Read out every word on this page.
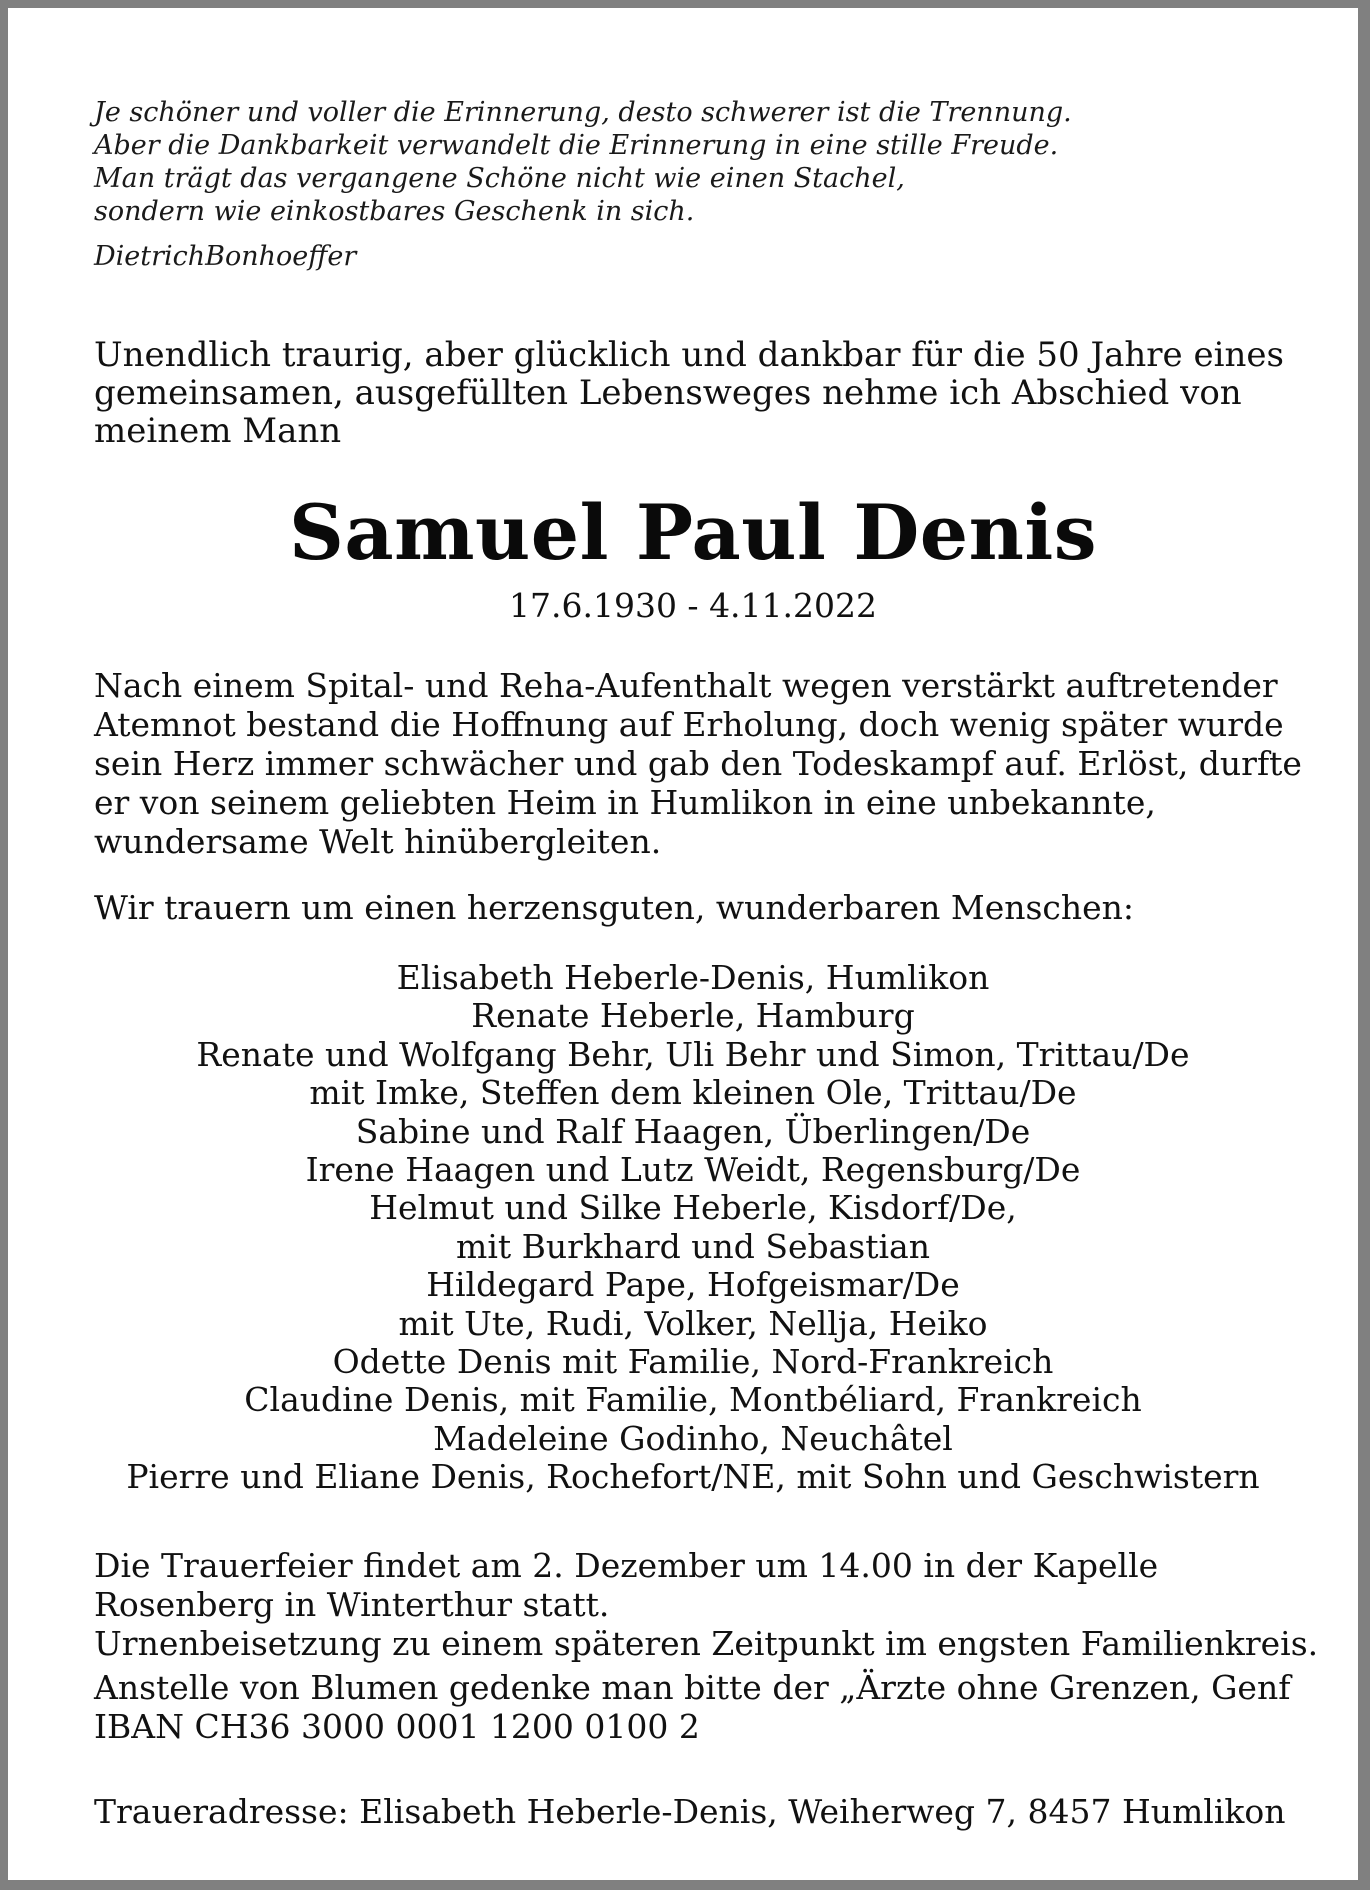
Je schöner und voller die Erinnerung, desto schwerer ist die Trennung.
Aber die Dankbarkeit verwandelt die Erinnerung in eine stille Freude.
Man trägt das vergangene Schöne nicht wie einen Stachel,
sondern wie einkostbares Geschenk in sich.
DietrichBonhoeffer
Unendlich traurig, aber glücklich und dankbar für die 50 Jahre eines
gemeinsamen, ausgefüllten Lebensweges nehme ich Abschied von
meinem Mann
Samuel Paul Denis
17.6.1930 - 4.11.2022
Nach einem Spital- und Reha-Aufenthalt wegen verstärkt auftretender
Atemnot bestand die Hoffnung auf Erholung, doch wenig später wurde
sein Herz immer schwächer und gab den Todeskampf auf. Erlöst, durfte
er von seinem geliebten Heim in Humlikon in eine unbekannte,
wundersame Welt hinübergleiten.
Wir trauern um einen herzensguten, wunderbaren Menschen:
Elisabeth Heberle-Denis, Humlikon
Renate Heberle, Hamburg
Renate und Wolfgang Behr, Uli Behr und Simon, Trittau/De
mit Imke, Steffen dem kleinen Ole, Trittau/De
Sabine und Ralf Haagen, Überlingen/De
Irene Haagen und Lutz Weidt, Regensburg/De
Helmut und Silke Heberle, Kisdorf/De,
mit Burkhard und Sebastian
Hildegard Pape, Hofgeismar/De
mit Ute, Rudi, Volker, Nellja, Heiko
Odette Denis mit Familie, Nord-Frankreich
Claudine Denis, mit Familie, Montbéliard, Frankreich
Madeleine Godinho, Neuchâtel
Pierre und Eliane Denis, Rochefort/NE, mit Sohn und Geschwistern
Die Trauerfeier findet am 2. Dezember um 14.00 in der Kapelle
Rosenberg in Winterthur statt.
Urnenbeisetzung zu einem späteren Zeitpunkt im engsten Familienkreis.
Anstelle von Blumen gedenke man bitte der „Ärzte ohne Grenzen, Genf
IBAN CH36 3000 0001 1200 0100 2
Traueradresse: Elisabeth Heberle-Denis, Weiherweg 7, 8457 Humlikon
